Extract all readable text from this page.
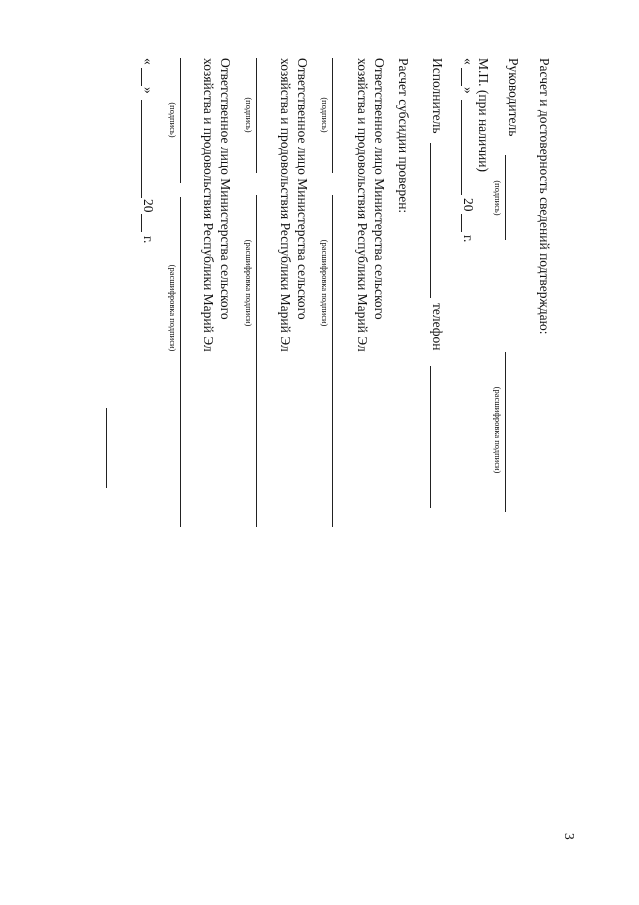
Расчет и достоверность сведений подтверждаю:
Руководитель
(подпись)
(расшифровка подписи)
М.П. (при наличии)
«
»
20
г.
Исполнитель
телефон
Расчет субсидии проверен:
Ответственное лицо Министерства сельского
хозяйства и продовольствия Республики Марий Эл
(подпись)
(расшифровка подписи)
Ответственное лицо Министерства сельского
хозяйства и продовольствия Республики Марий Эл
(подпись)
(расшифровка подписи)
Ответственное лицо Министерства сельского
хозяйства и продовольствия Республики Марий Эл
(подпись)
(расшифровка подписи)
«
»
20
г.
3
